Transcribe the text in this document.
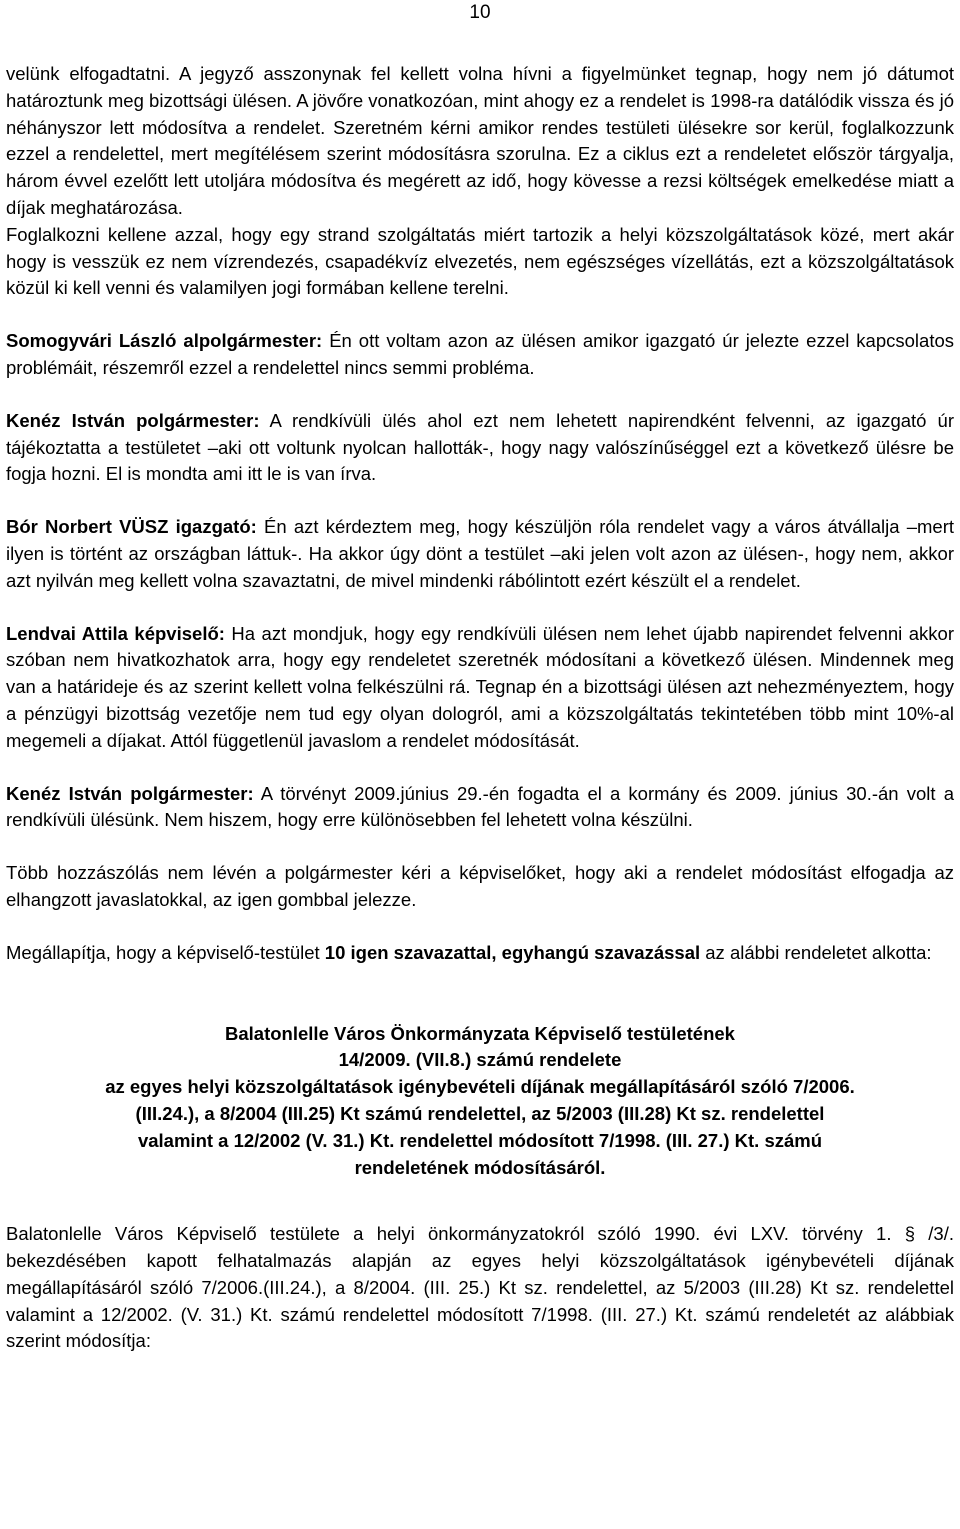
10

velünk elfogadtatni. A jegyző asszonynak fel kellett volna hívni a figyelmünket tegnap, hogy nem jó dátumot határoztunk meg bizottsági ülésen. A jövőre vonatkozóan, mint ahogy ez a rendelet is 1998-ra datálódik vissza és jó néhányszor lett módosítva a rendelet. Szeretném kérni amikor rendes testületi ülésekre sor kerül, foglalkozzunk ezzel a rendelettel, mert megítélésem szerint módosításra szorulna. Ez a ciklus ezt a rendeletet először tárgyalja, három évvel ezelőtt lett utoljára módosítva és megérett az idő, hogy kövesse a rezsi költségek emelkedése miatt a díjak meghatározása.

Foglalkozni kellene azzal, hogy egy strand szolgáltatás miért tartozik a helyi közszolgáltatások közé, mert akár hogy is vesszük ez nem vízrendezés, csapadékvíz elvezetés, nem egészséges vízellátás, ezt a közszolgáltatások közül ki kell venni és valamilyen jogi formában kellene terelni.

Somogyvári László alpolgármester: Én ott voltam azon az ülésen amikor igazgató úr jelezte ezzel kapcsolatos problémáit, részemről ezzel a rendelettel nincs semmi probléma.

Kenéz István polgármester: A rendkívüli ülés ahol ezt nem lehetett napirendként felvenni, az igazgató úr tájékoztatta a testületet –aki ott voltunk nyolcan hallották-, hogy nagy valószínűséggel ezt a következő ülésre be fogja hozni. El is mondta ami itt le is van írva.

Bór Norbert VÜSZ igazgató: Én azt kérdeztem meg, hogy készüljön róla rendelet vagy a város átvállalja –mert ilyen is történt az országban láttuk-. Ha akkor úgy dönt a testület –aki jelen volt azon az ülésen-, hogy nem, akkor azt nyilván meg kellett volna szavaztatni, de mivel mindenki rábólintott ezért készült el a rendelet.

Lendvai Attila képviselő: Ha azt mondjuk, hogy egy rendkívüli ülésen nem lehet újabb napirendet felvenni akkor szóban nem hivatkozhatok arra, hogy egy rendeletet szeretnék módosítani a következő ülésen. Mindennek meg van a határideje és az szerint kellett volna felkészülni rá. Tegnap én a bizottsági ülésen azt nehezményeztem, hogy a pénzügyi bizottság vezetője nem tud egy olyan dologról, ami a közszolgáltatás tekintetében több mint 10%-al megemeli a díjakat. Attól függetlenül javaslom a rendelet módosítását.

Kenéz István polgármester: A törvényt 2009.június 29.-én fogadta el a kormány és 2009. június 30.-án volt a rendkívüli ülésünk. Nem hiszem, hogy erre különösebben fel lehetett volna készülni.

Több hozzászólás nem lévén a polgármester kéri a képviselőket, hogy aki a rendelet módosítást elfogadja az elhangzott javaslatokkal, az igen gombbal jelezze.

Megállapítja, hogy a képviselő-testület 10 igen szavazattal, egyhangú szavazással az alábbi rendeletet alkotta:

Balatonlelle Város Önkormányzata Képviselő testületének
14/2009. (VII.8.) számú rendelete
az egyes helyi közszolgáltatások igénybevételi díjának megállapításáról szóló 7/2006.
(III.24.), a 8/2004 (III.25) Kt számú rendelettel, az 5/2003 (III.28) Kt sz. rendelettel
valamint a 12/2002 (V. 31.) Kt. rendelettel módosított 7/1998. (III. 27.) Kt. számú
rendeletének módosításáról.

Balatonlelle Város Képviselő testülete a helyi önkormányzatokról szóló 1990. évi LXV. törvény 1. § /3/. bekezdésében kapott felhatalmazás alapján az egyes helyi közszolgáltatások igénybevételi díjának megállapításáról szóló 7/2006.(III.24.), a 8/2004. (III. 25.) Kt sz. rendelettel, az 5/2003 (III.28) Kt sz. rendelettel valamint a 12/2002. (V. 31.) Kt. számú rendelettel módosított 7/1998. (III. 27.) Kt. számú rendeletét az alábbiak szerint módosítja:
